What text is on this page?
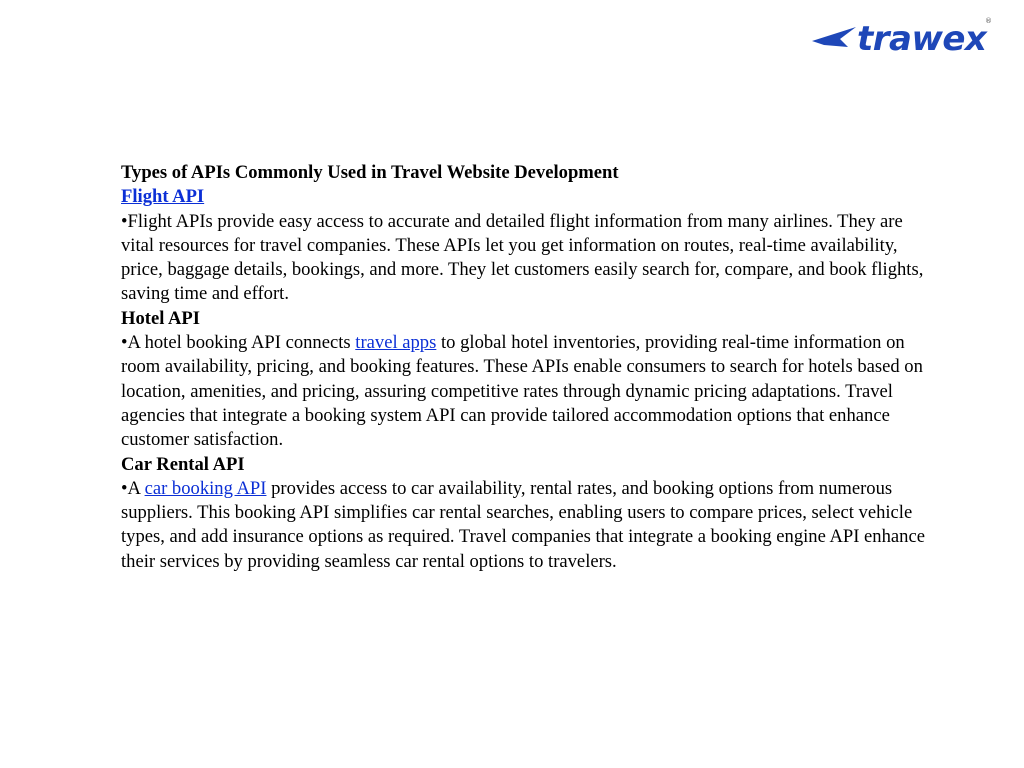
trawex
®

Types of APIs Commonly Used in Travel Website Development

Flight API

•Flight APIs provide easy access to accurate and detailed flight information from many airlines. They are vital resources for travel companies. These APIs let you get information on routes, real-time availability, price, baggage details, bookings, and more. They let customers easily search for, compare, and book flights, saving time and effort.

Hotel API

•A hotel booking API connects travel apps to global hotel inventories, providing real-time information on room availability, pricing, and booking features. These APIs enable consumers to search for hotels based on location, amenities, and pricing, assuring competitive rates through dynamic pricing adaptations. Travel agencies that integrate a booking system API can provide tailored accommodation options that enhance customer satisfaction.

Car Rental API

•A car booking API provides access to car availability, rental rates, and booking options from numerous suppliers. This booking API simplifies car rental searches, enabling users to compare prices, select vehicle types, and add insurance options as required. Travel companies that integrate a booking engine API enhance their services by providing seamless car rental options to travelers.
